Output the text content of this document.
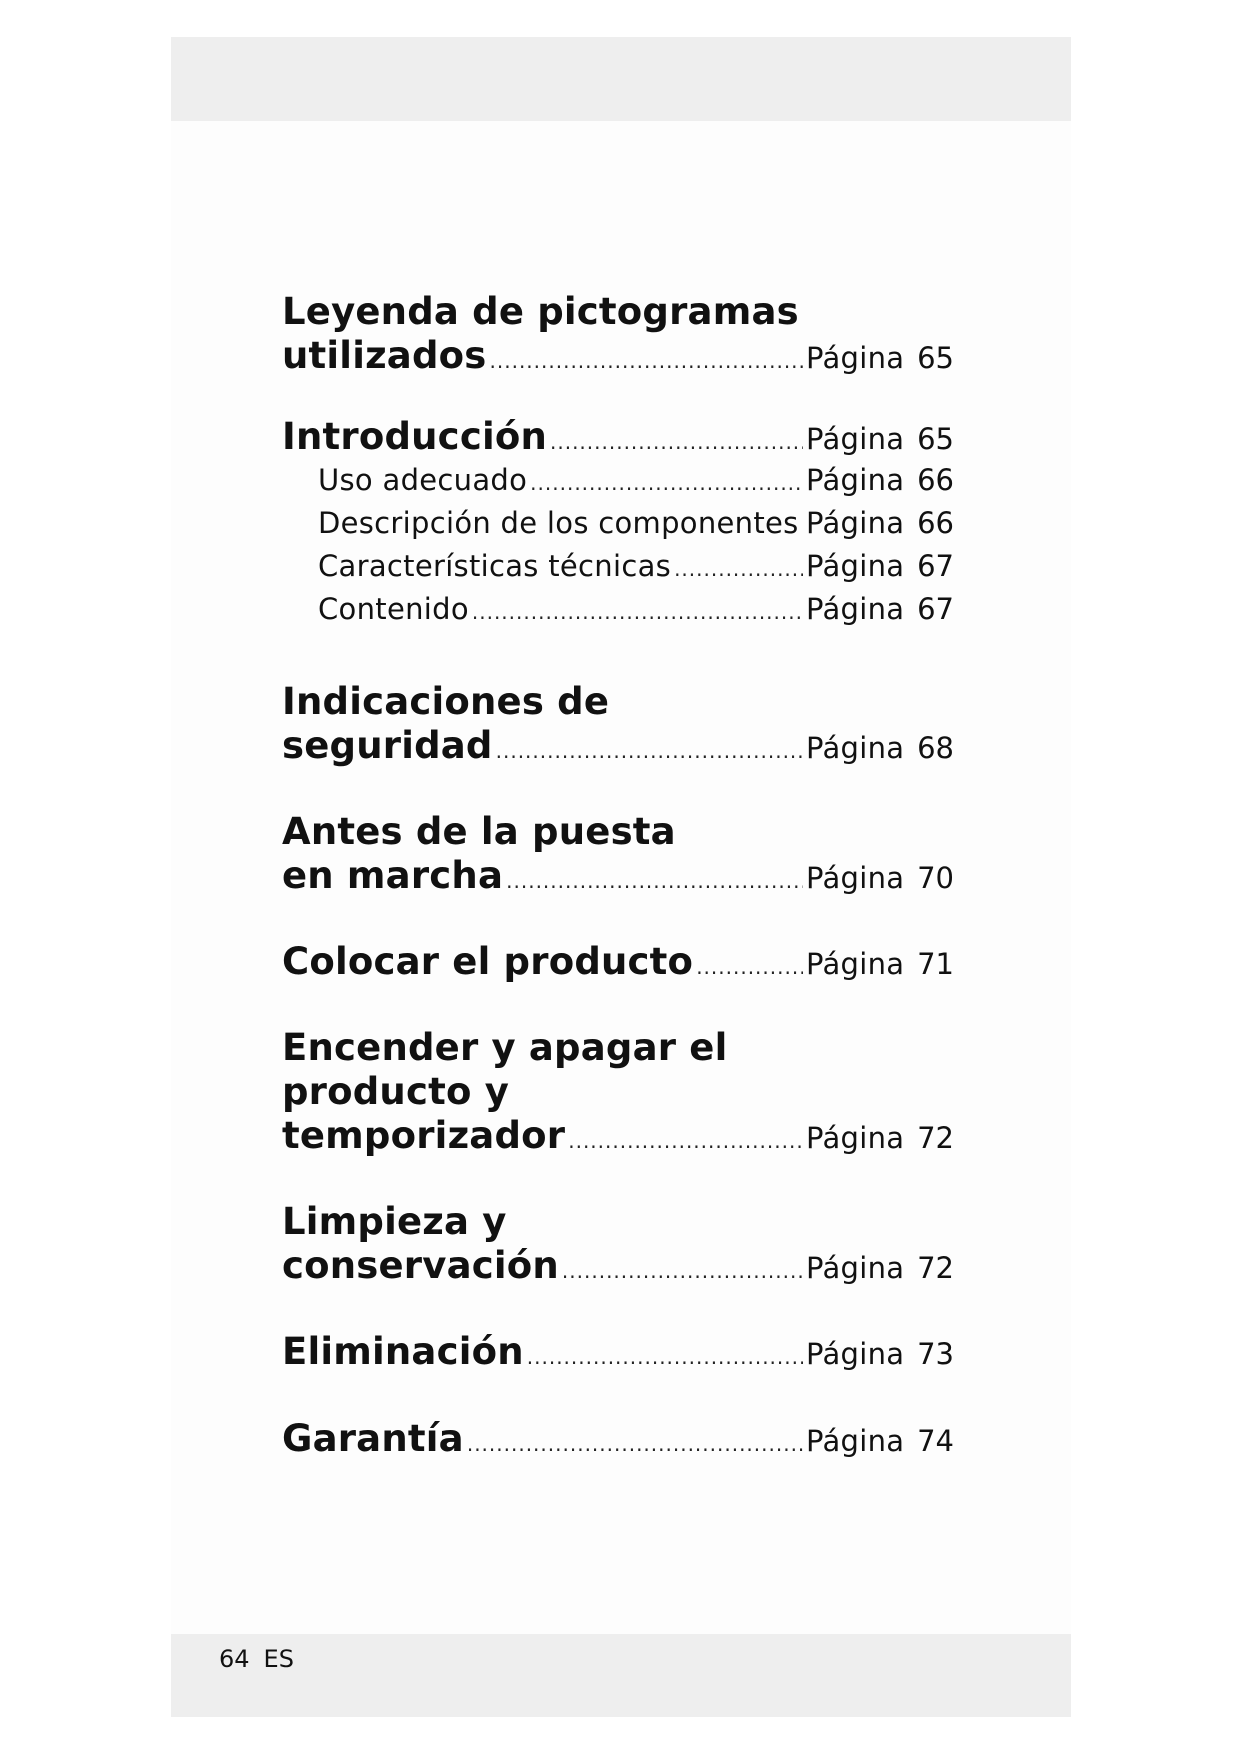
Leyenda de pictogramas
utilizados .....	Página 65
Introducción .....	Página 65
Uso adecuado .....	Página 66
Descripción de los componentes ..... Página 66
Características técnicas .....	Página 67
Contenido .....	Página 67
Indicaciones de
seguridad .....	Página 68
Antes de la puesta
en marcha .....	Página 70
Colocar el producto .....	Página 71
Encender y apagar el
producto y
temporizador .....	Página 72
Limpieza y
conservación .....	Página 72
Eliminación .....	Página 73
Garantía .....	Página 74
64 ES
